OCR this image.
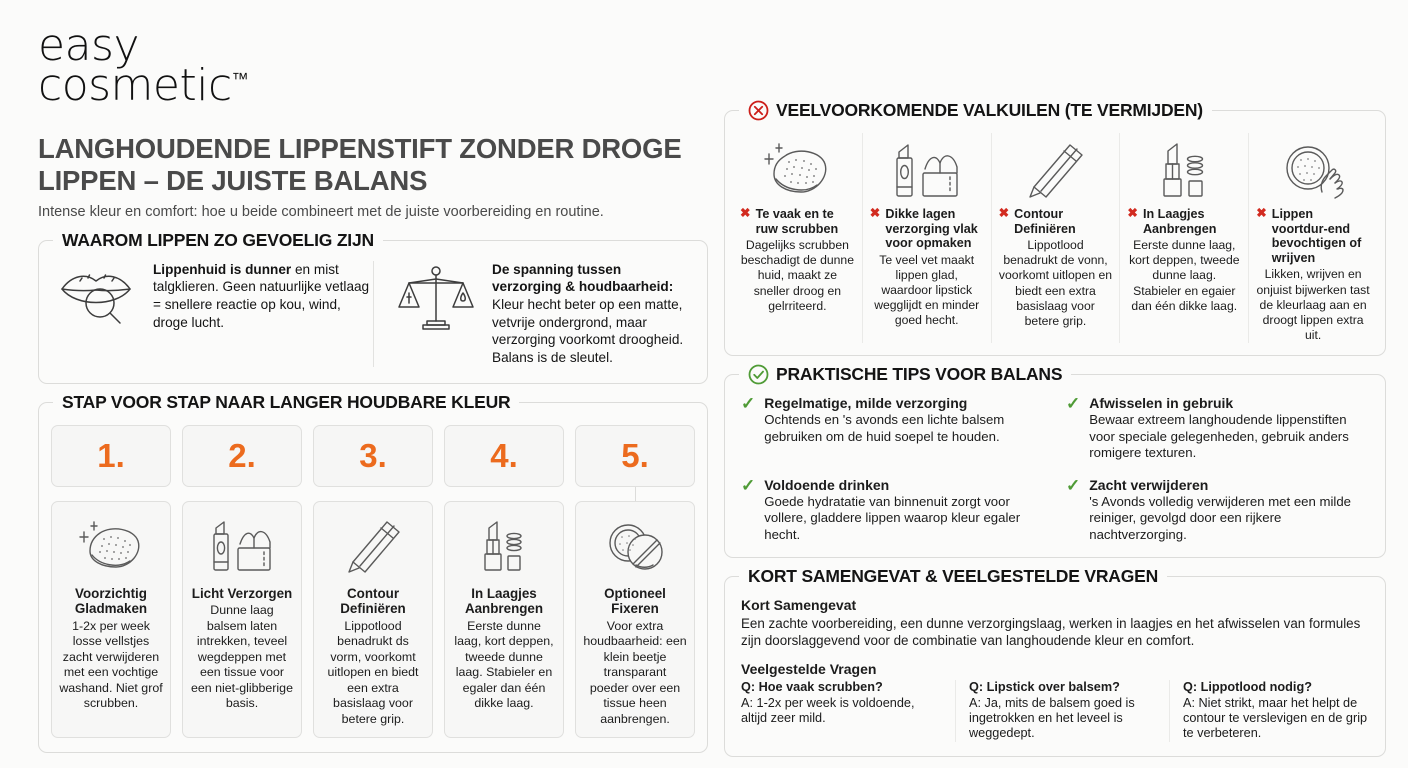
easy
cosmetic™
LANGHOUDENDE LIPPENSTIFT ZONDER DROGE LIPPEN – DE JUISTE BALANS
Intense kleur en comfort: hoe u beide combineert met de juiste voorbereiding en routine.
WAAROM LIPPEN ZO GEVOELIG ZIJN
Lippenhuid is dunner en mist talgklieren. Geen natuurlijke vetlaag = snellere reactie op kou, wind, droge lucht.
De spanning tussen verzorging & houdbaarheid: Kleur hecht beter op een matte, vetvrije ondergrond, maar verzorging voorkomt droogheid. Balans is de sleutel.
STAP VOOR STAP NAAR LANGER HOUDBARE KLEUR
1.	2.	3.	4.	5.
Voorzichtig Gladmaken
1-2x per week losse vellstjes zacht verwijderen met een vochtige washand. Niet grof scrubben.
Licht Verzorgen
Dunne laag balsem laten intrekken, teveel wegdeppen met een tissue voor een niet-glibberige basis.
Contour Definiëren
Lippotlood benadrukt ds vorm, voorkomt uitlopen en biedt een extra basislaag voor betere grip.
In Laagjes Aanbrengen
Eerste dunne laag, kort deppen, tweede dunne laag. Stabieler en egaler dan één dikke laag.
Optioneel Fixeren
Voor extra houdbaarheid: een klein beetje transparant poeder over een tissue heen aanbrengen.
VEELVOORKOMENDE VALKUILEN (TE VERMIJDEN)
✖ Te vaak en te ruw scrubben
Dagelijks scrubben beschadigt de dunne huid, maakt ze sneller droog en gelrriteerd.
✖ Dikke lagen verzorging vlak voor opmaken
Te veel vet maakt lippen glad, waardoor lipstick wegglijdt en minder goed hecht.
✖ Contour Definiëren
Lippotlood benadrukt de vonn, voorkomt uitlopen en biedt een extra basislaag voor betere grip.
✖ In Laagjes Aanbrengen
Eerste dunne laag, kort deppen, tweede dunne laag. Stabieler en egaier dan één dikke laag.
✖ Lippen voortdur-end bevochtigen of wrijven
Likken, wrijven en onjuist bijwerken tast de kleurlaag aan en droogt lippen extra uit.
PRAKTISCHE TIPS VOOR BALANS
✓ Regelmatige, milde verzorging
Ochtends en 's avonds een lichte balsem gebruiken om de huid soepel te houden.
✓ Afwisselen in gebruik
Bewaar extreem langhoudende lippenstiften voor speciale gelegenheden, gebruik anders romigere texturen.
✓ Voldoende drinken
Goede hydratatie van binnenuit zorgt voor vollere, gladdere lippen waarop kleur egaler hecht.
✓ Zacht verwijderen
's Avonds volledig verwijderen met een milde reiniger, gevolgd door een rijkere nachtverzorging.
KORT SAMENGEVAT & VEELGESTELDE VRAGEN
Kort Samengevat
Een zachte voorbereiding, een dunne verzorgingslaag, werken in laagjes en het afwisselen van formules zijn doorslaggevend voor de combinatie van langhoudende kleur en comfort.
Veelgestelde Vragen
Q: Hoe vaak scrubben?
A: 1-2x per week is voldoende, altijd zeer mild.
Q: Lipstick over balsem?
A: Ja, mits de balsem goed is ingetrokken en het leveel is weggedept.
Q: Lippotlood nodig?
A: Niet strikt, maar het helpt de contour te verslevigen en de grip te verbeteren.
